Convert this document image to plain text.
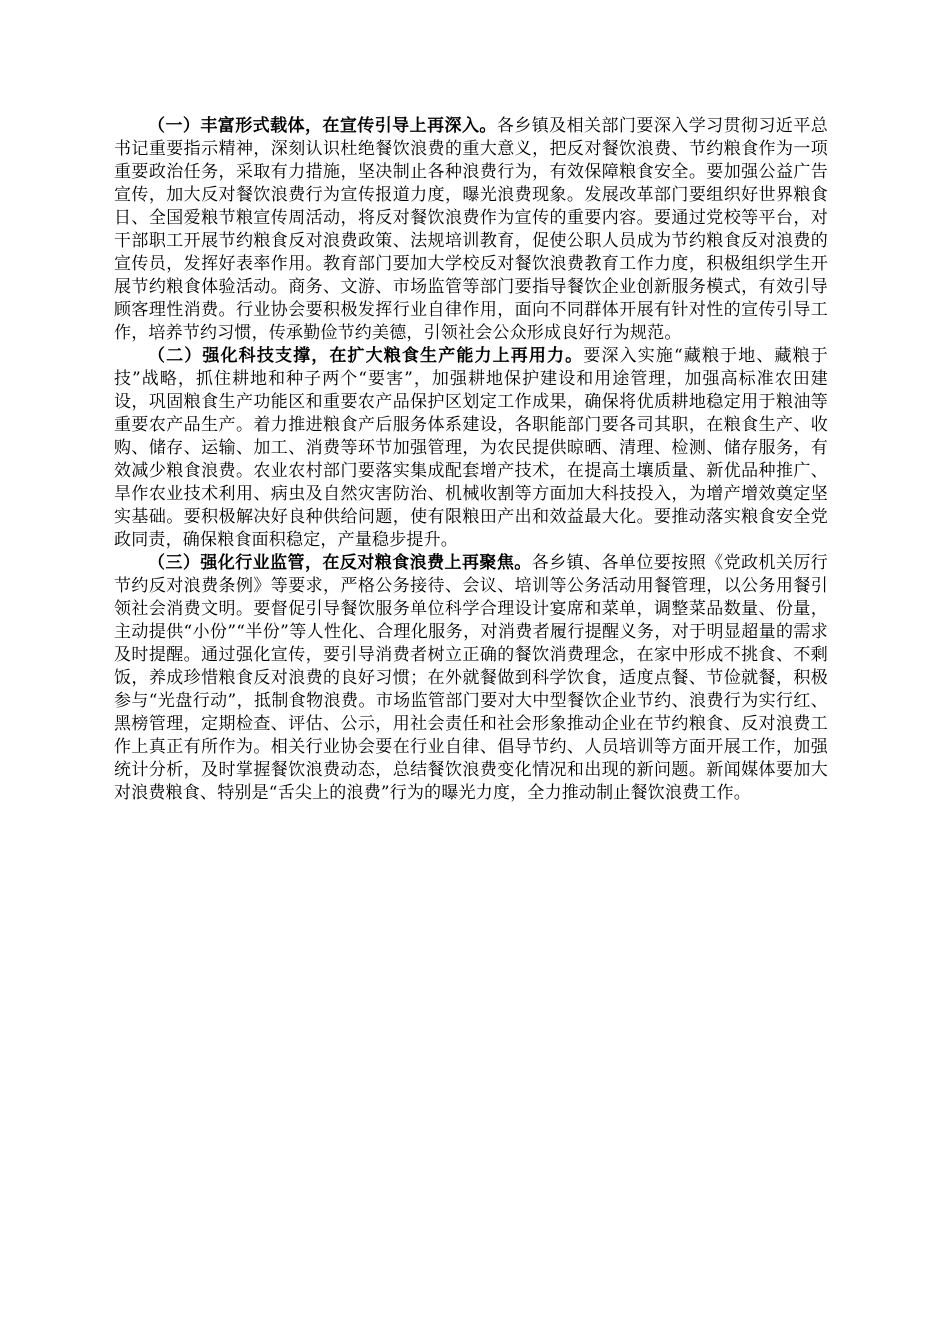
（一）丰富形式载体，在宣传引导上再深入。各乡镇及相关部门要深入学习贯彻习近平总书记重要指示精神，深刻认识杜绝餐饮浪费的重大意义，把反对餐饮浪费、节约粮食作为一项重要政治任务，采取有力措施，坚决制止各种浪费行为，有效保障粮食安全。要加强公益广告宣传，加大反对餐饮浪费行为宣传报道力度，曝光浪费现象。发展改革部门要组织好世界粮食日、全国爱粮节粮宣传周活动，将反对餐饮浪费作为宣传的重要内容。要通过党校等平台，对干部职工开展节约粮食反对浪费政策、法规培训教育，促使公职人员成为节约粮食反对浪费的宣传员，发挥好表率作用。教育部门要加大学校反对餐饮浪费教育工作力度，积极组织学生开展节约粮食体验活动。商务、文游、市场监管等部门要指导餐饮企业创新服务模式，有效引导顾客理性消费。行业协会要积极发挥行业自律作用，面向不同群体开展有针对性的宣传引导工作，培养节约习惯，传承勤俭节约美德，引领社会公众形成良好行为规范。

（二）强化科技支撑，在扩大粮食生产能力上再用力。要深入实施“藏粮于地、藏粮于技”战略，抓住耕地和种子两个“要害”，加强耕地保护建设和用途管理，加强高标准农田建设，巩固粮食生产功能区和重要农产品保护区划定工作成果，确保将优质耕地稳定用于粮油等重要农产品生产。着力推进粮食产后服务体系建设，各职能部门要各司其职，在粮食生产、收购、储存、运输、加工、消费等环节加强管理，为农民提供晾晒、清理、检测、储存服务，有效减少粮食浪费。农业农村部门要落实集成配套增产技术，在提高土壤质量、新优品种推广、旱作农业技术利用、病虫及自然灾害防治、机械收割等方面加大科技投入，为增产增效奠定坚实基础。要积极解决好良种供给问题，使有限粮田产出和效益最大化。要推动落实粮食安全党政同责，确保粮食面积稳定，产量稳步提升。

（三）强化行业监管，在反对粮食浪费上再聚焦。各乡镇、各单位要按照《党政机关厉行节约反对浪费条例》等要求，严格公务接待、会议、培训等公务活动用餐管理，以公务用餐引领社会消费文明。要督促引导餐饮服务单位科学合理设计宴席和菜单，调整菜品数量、份量，主动提供“小份”“半份”等人性化、合理化服务，对消费者履行提醒义务，对于明显超量的需求及时提醒。通过强化宣传，要引导消费者树立正确的餐饮消费理念，在家中形成不挑食、不剩饭，养成珍惜粮食反对浪费的良好习惯；在外就餐做到科学饮食，适度点餐、节俭就餐，积极参与“光盘行动”，抵制食物浪费。市场监管部门要对大中型餐饮企业节约、浪费行为实行红、黑榜管理，定期检查、评估、公示，用社会责任和社会形象推动企业在节约粮食、反对浪费工作上真正有所作为。相关行业协会要在行业自律、倡导节约、人员培训等方面开展工作，加强统计分析，及时掌握餐饮浪费动态，总结餐饮浪费变化情况和出现的新问题。新闻媒体要加大对浪费粮食、特别是“舌尖上的浪费”行为的曝光力度，全力推动制止餐饮浪费工作。
